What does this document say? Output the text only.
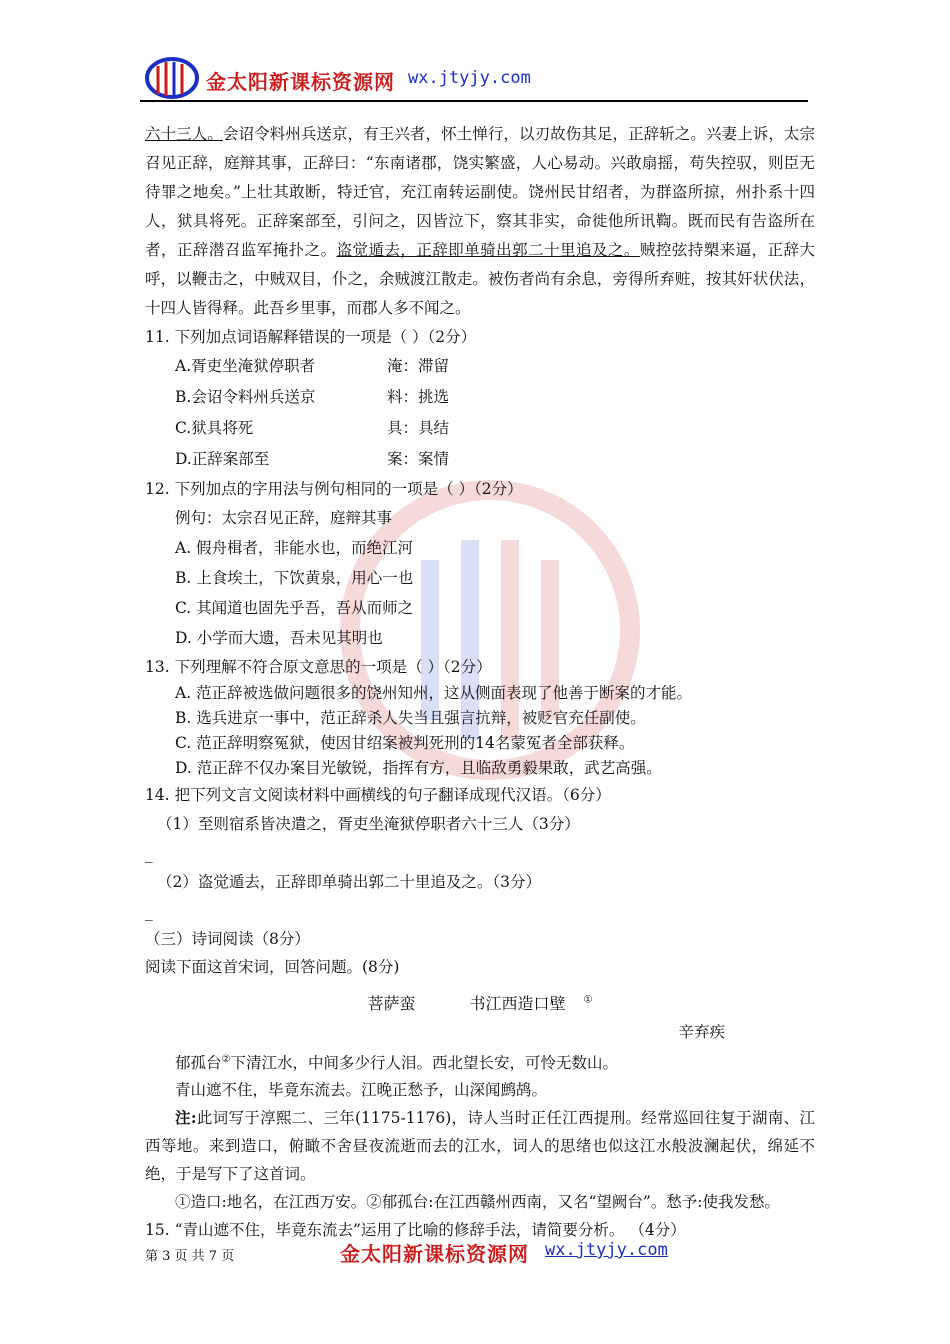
金太阳新课标资源网 wx.jtyjy.com

六十三人。会诏令料州兵送京，有王兴者，怀土惮行，以刃故伤其足，正辞斩之。兴妻上诉，太宗召见正辞，庭辩其事，正辞曰：“东南诸郡，饶实繁盛，人心易动。兴敢扇摇，苟失控驭，则臣无待罪之地矣。”上壮其敢断，特迁官，充江南转运副使。饶州民甘绍者，为群盗所掠，州扑系十四人，狱具将死。正辞案部至，引问之，囚皆泣下，察其非实，命徙他所讯鞫。既而民有告盗所在者，正辞潜召监军掩扑之。盗觉遁去，正辞即单骑出郭二十里追及之。贼控弦持槊来逼，正辞大呼，以鞭击之，中贼双目，仆之，余贼渡江散走。被伤者尚有余息，旁得所弃赃，按其奸状伏法，十四人皆得释。此吾乡里事，而郡人多不闻之。

11. 下列加点词语解释错误的一项是（ ）（2分）

A.胥吏坐淹狱停职者	淹：滞留
B.会诏令料州兵送京	料：挑选
C.狱具将死	具：具结
D.正辞案部至	案：案情

12. 下列加点的字用法与例句相同的一项是（ ）（2分）

例句：太宗召见正辞，庭辩其事

A. 假舟楫者，非能水也，而绝江河

B. 上食埃土，下饮黄泉，用心一也

C. 其闻道也固先乎吾，吾从而师之

D. 小学而大遗，吾未见其明也

13. 下列理解不符合原文意思的一项是（ ）（2分）

A. 范正辞被选做问题很多的饶州知州，这从侧面表现了他善于断案的才能。

B. 选兵进京一事中，范正辞杀人失当且强言抗辩，被贬官充任副使。

C. 范正辞明察冤狱，使因甘绍案被判死刑的14名蒙冤者全部获释。

D. 范正辞不仅办案目光敏锐，指挥有方，且临敌勇毅果敢，武艺高强。

14. 把下列文言文阅读材料中画横线的句子翻译成现代汉语。（6分）

（1）至则宿系皆决遣之，胥吏坐淹狱停职者六十三人（3分）

_

（2）盗觉遁去，正辞即单骑出郭二十里追及之。（3分）

_

（三）诗词阅读（8分）

阅读下面这首宋词，回答问题。(8分)

菩萨蛮	书江西造口壁 ①

辛弃疾

郁孤台②下清江水，中间多少行人泪。西北望长安，可怜无数山。

青山遮不住，毕竟东流去。江晚正愁予，山深闻鹧鸪。

注:此词写于淳熙二、三年(1175-1176)，诗人当时正任江西提刑。经常巡回往复于湖南、江西等地。来到造口，俯瞰不舍昼夜流逝而去的江水，词人的思绪也似这江水般波澜起伏，绵延不绝，于是写下了这首词。

①造口:地名，在江西万安。②郁孤台:在江西赣州西南，又名“望阙台”。愁予:使我发愁。

15. “青山遮不住，毕竟东流去”运用了比喻的修辞手法，请简要分析。 （4分）

第 3 页 共 7 页	金太阳新课标资源网 wx.jtyjy.com
